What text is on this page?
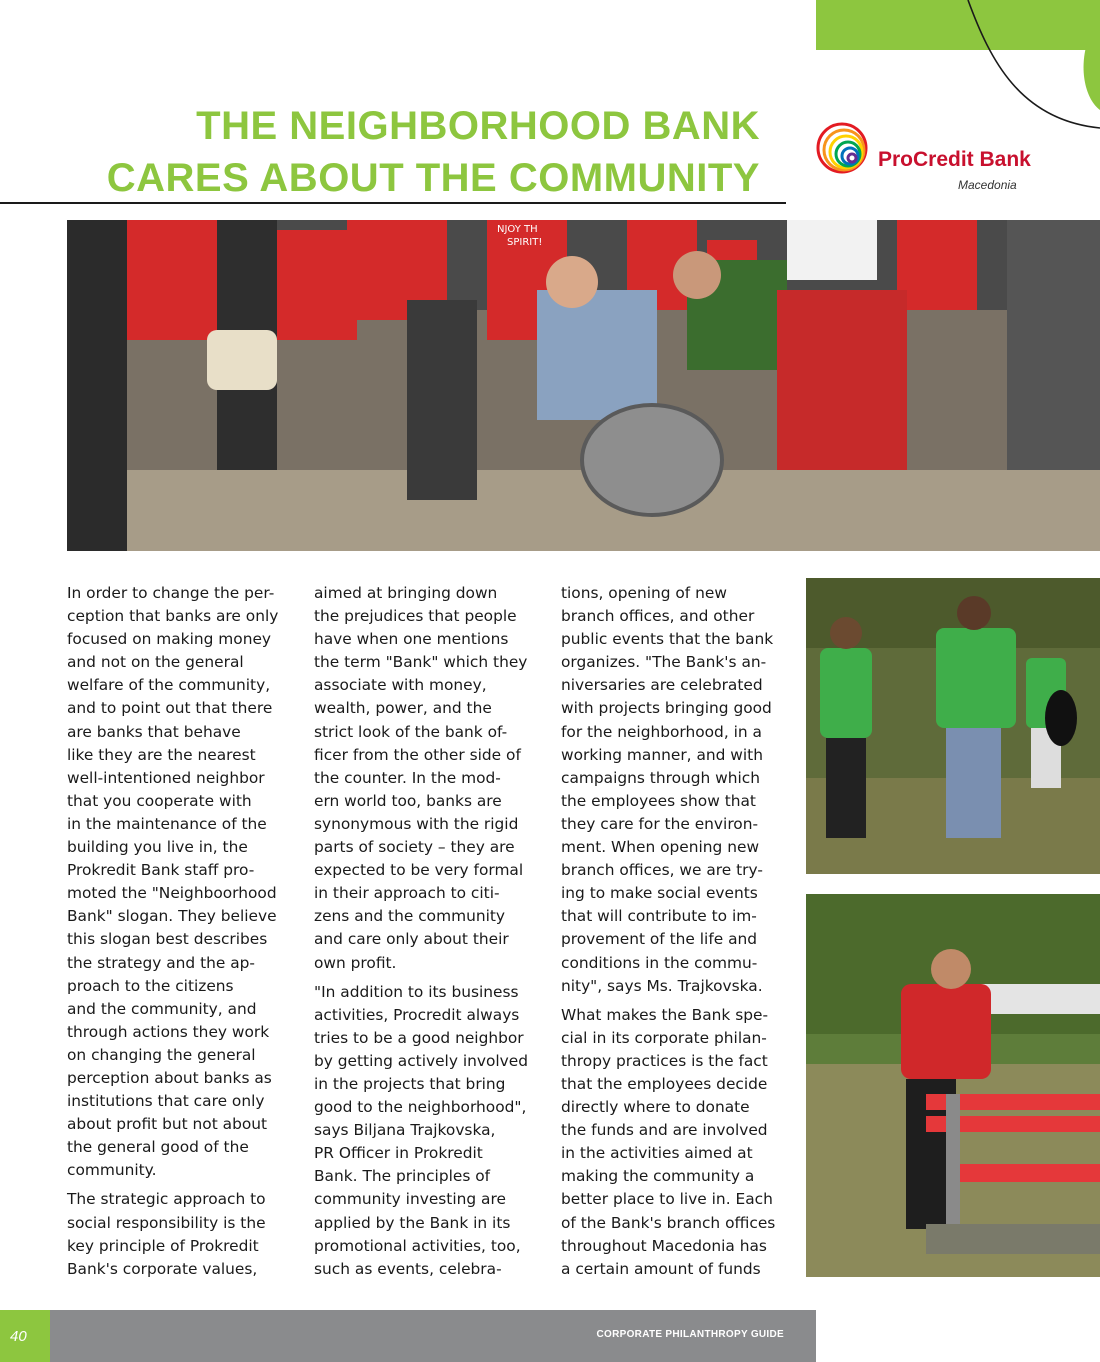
THE NEIGHBORHOOD BANK
CARES ABOUT THE COMMUNITY	ProCredit Bank
Macedonia
NJOY TH
SPIRIT!

In order to change the per-
ception that banks are only
focused on making money
and not on the general
welfare of the community,
and to point out that there
are banks that behave
like they are the nearest
well-intentioned neighbor
that you cooperate with
in the maintenance of the
building you live in, the
Prokredit Bank staff pro-
moted the "Neighboorhood
Bank" slogan. They believe
this slogan best describes
the strategy and the ap-
proach to the citizens
and the community, and
through actions they work
on changing the general
perception about banks as
institutions that care only
about profit but not about
the general good of the
community.

The strategic approach to
social responsibility is the
key principle of Prokredit
Bank's corporate values,

aimed at bringing down
the prejudices that people
have when one mentions
the term "Bank" which they
associate with money,
wealth, power, and the
strict look of the bank of-
ficer from the other side of
the counter. In the mod-
ern world too, banks are
synonymous with the rigid
parts of society – they are
expected to be very formal
in their approach to citi-
zens and the community
and care only about their
own profit.

"In addition to its business
activities, Procredit always
tries to be a good neighbor
by getting actively involved
in the projects that bring
good to the neighborhood",
says Biljana Trajkovska,
PR Officer in Prokredit
Bank. The principles of
community investing are
applied by the Bank in its
promotional activities, too,
such as events, celebra-

tions, opening of new
branch offices, and other
public events that the bank
organizes. "The Bank's an-
niversaries are celebrated
with projects bringing good
for the neighborhood, in a
working manner, and with
campaigns through which
the employees show that
they care for the environ-
ment. When opening new
branch offices, we are try-
ing to make social events
that will contribute to im-
provement of the life and
conditions in the commu-
nity", says Ms. Trajkovska.

What makes the Bank spe-
cial in its corporate philan-
thropy practices is the fact
that the employees decide
directly where to donate
the funds and are involved
in the activities aimed at
making the community a
better place to live in. Each
of the Bank's branch offices
throughout Macedonia has
a certain amount of funds

40	CORPORATE PHILANTHROPY GUIDE
